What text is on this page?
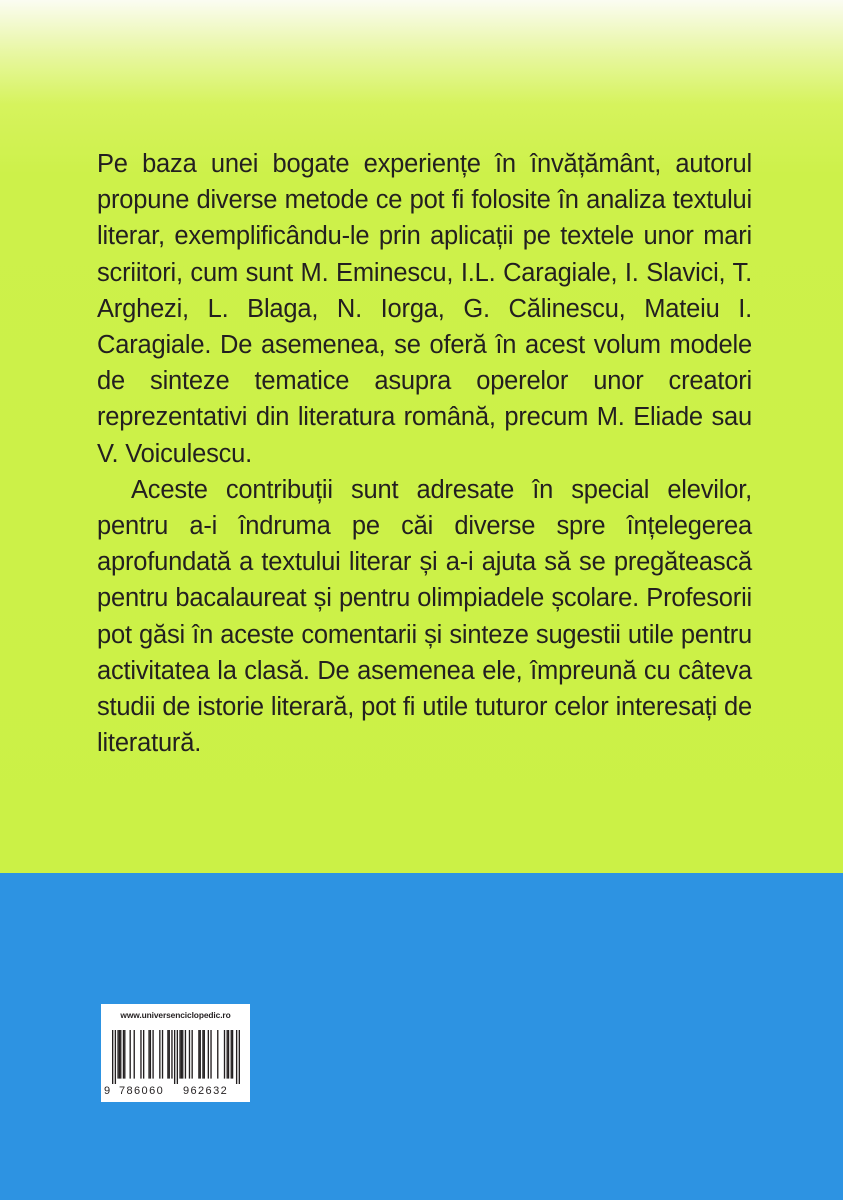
Pe baza unei bogate experiențe în învățământ, autorul propune diverse metode ce pot fi folosite în analiza textului literar, exemplificându-le prin aplicații pe textele unor mari scriitori, cum sunt M. Eminescu, I.L. Caragiale, I. Slavici, T. Arghezi, L. Blaga, N. Iorga, G. Călinescu, Mateiu I. Caragiale. De asemenea, se oferă în acest volum modele de sinteze tematice asupra operelor unor creatori reprezentativi din literatura română, precum M. Eliade sau V. Voiculescu.

Aceste contribuții sunt adresate în special elevilor, pentru a-i îndruma pe căi diverse spre înțelegerea aprofundată a textului literar și a-i ajuta să se pregătească pentru bacalaureat și pentru olimpiadele școlare. Profesorii pot găsi în aceste comentarii și sinteze sugestii utile pentru activitatea la clasă. De asemenea ele, împreună cu câteva studii de istorie literară, pot fi utile tuturor celor interesați de literatură.

www.universenciclopedic.ro
9 786060 962632
